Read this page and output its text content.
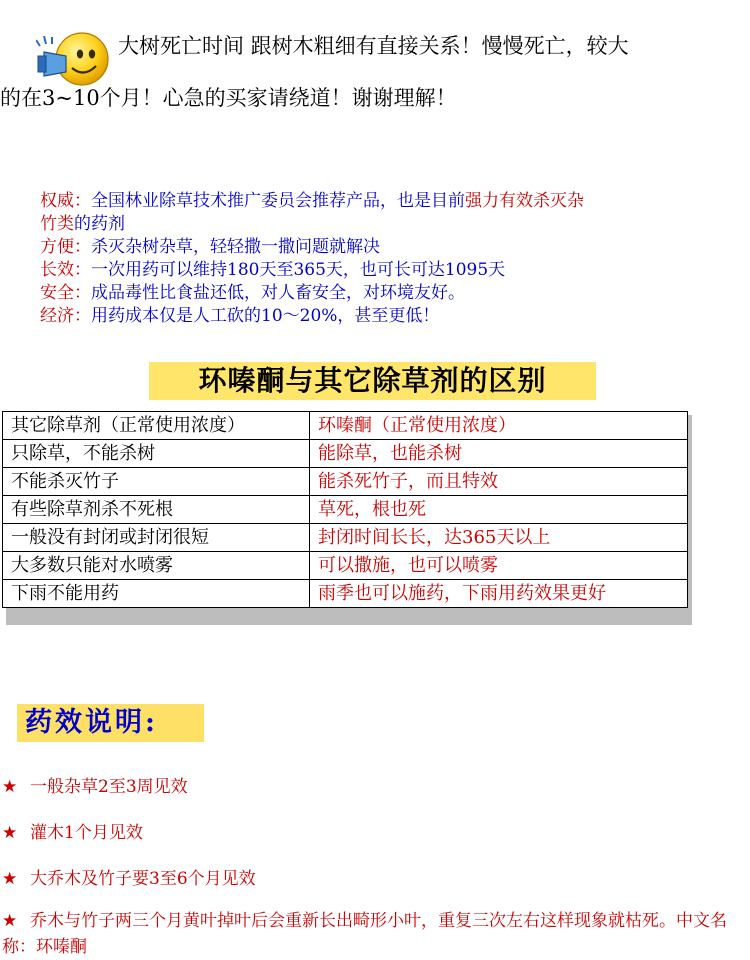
大树死亡时间 跟树木粗细有直接关系！慢慢死亡，较大
的在3~10个月！心急的买家请绕道！谢谢理解！

权威：全国林业除草技术推广委员会推荐产品，也是目前强力有效杀灭杂

竹类的药剂

方便：杀灭杂树杂草，轻轻撒一撒问题就解决

长效：一次用药可以维持180天至365天，也可长可达1095天

安全：成品毒性比食盐还低，对人畜安全，对环境友好。

经济：用药成本仅是人工砍的10～20%，甚至更低！

环嗪酮与其它除草剂的区别
其它除草剂（正常使用浓度）	环嗪酮（正常使用浓度）
只除草，不能杀树	能除草，也能杀树
不能杀灭竹子	能杀死竹子，而且特效
有些除草剂杀不死根	草死，根也死
一般没有封闭或封闭很短	封闭时间长长，达365天以上
大多数只能对水喷雾	可以撒施，也可以喷雾
下雨不能用药	雨季也可以施药，下雨用药效果更好
药效说明:
★ 一般杂草2至3周见效
★ 灌木1个月见效
★ 大乔木及竹子要3至6个月见效
★ 乔木与竹子两三个月黄叶掉叶后会重新长出畸形小叶，重复三次左右这样现象就枯死。中文名称：环嗪酮
